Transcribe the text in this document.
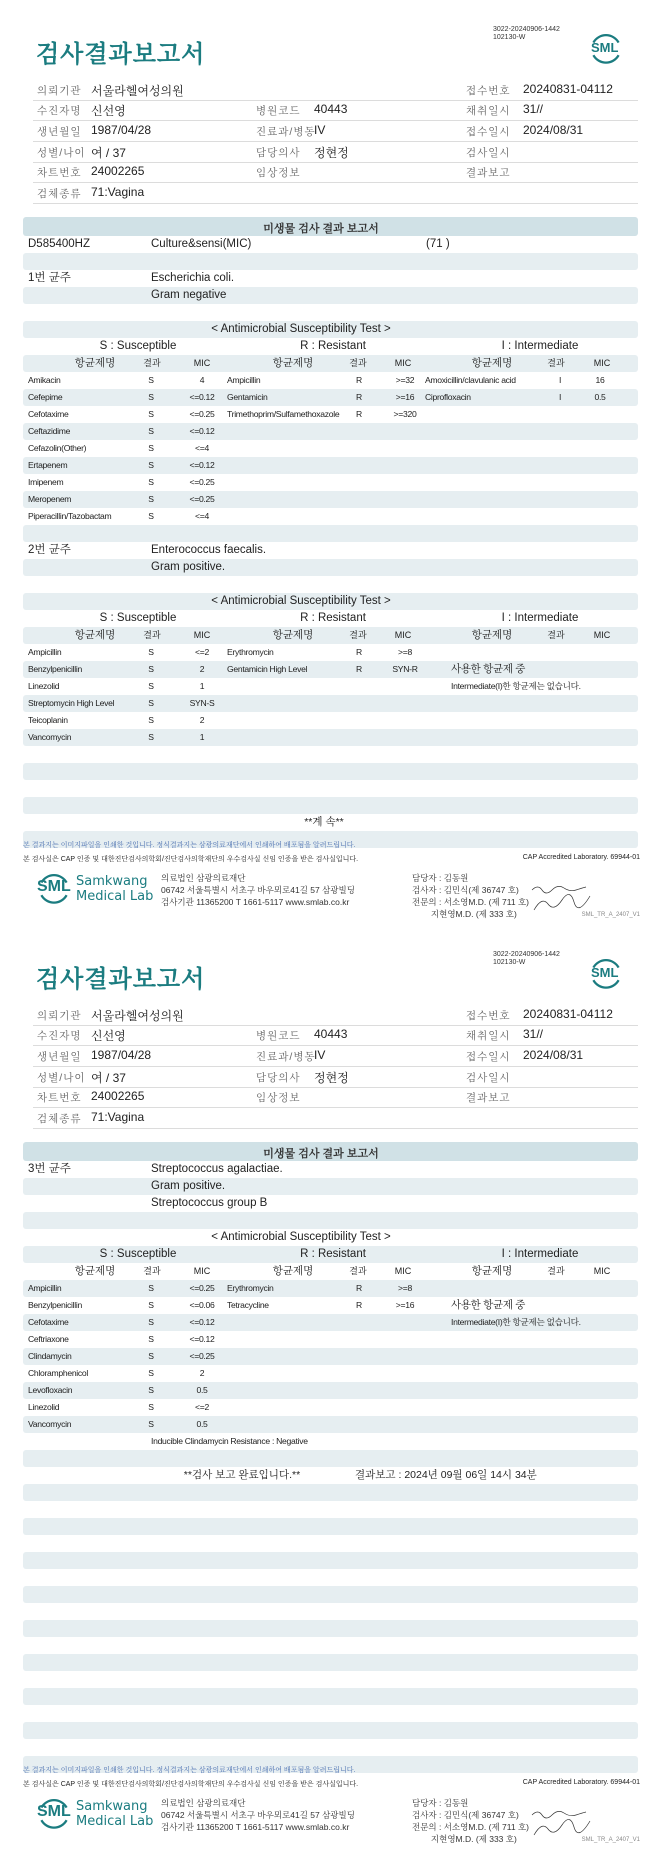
3022-20240906-1442
102130-W
SML
검사결과보고서
의뢰기관 서울라헬여성의원	접수번호 20240831-04112
수진자명 신선영	병원코드 40443	채취일시 31//
생년월일 1987/04/28	진료과/병동
IV	접수일시 2024/08/31
성별/나이 여 / 37	담당의사 정현정	검사일시
차트번호 24002265	임상정보	결과보고
검체종류 71:Vagina
미생물 검사 결과 보고서
D585400HZ	Culture&sensi(MIC)	(71 )
1번 균주	Escherichia coli.
Gram negative
< Antimicrobial Susceptibility Test >
S : Susceptible	R : Resistant	I : Intermediate
항균제명	결과	MIC	항균제명	결과	MIC	항균제명	결과	MIC
Amikacin	S	4	Ampicillin	R	>=32 Amoxicillin/clavulanic acid	I	16
Cefepime	S	<=0.12 Gentamicin	R	>=16 Ciprofloxacin	I	0.5
Cefotaxime	S	<=0.25 Trimethoprim/Sulfamethoxazole R	>=320
Ceftazidime	S	<=0.12
Cefazolin(Other)	S	<=4
Ertapenem	S	<=0.12
Imipenem	S	<=0.25
Meropenem	S	<=0.25
Piperacillin/Tazobactam	S	<=4
2번 균주	Enterococcus faecalis.
Gram positive.
< Antimicrobial Susceptibility Test >
S : Susceptible	R : Resistant	I : Intermediate
항균제명	결과	MIC	항균제명	결과	MIC	항균제명	결과	MIC
Ampicillin	S	<=2 Erythromycin	R	>=8
Benzylpenicillin	S	2	Gentamicin High Level	R	SYN-R	사용한 항균제 중
Linezolid	S	1	Intermediate(I)한 항균제는 없습니다.
Streptomycin High Level	S	SYN-S
Teicoplanin	S	2
Vancomycin	S	1
**계 속**
본 결과지는 이미지파일을 인쇄한 것입니다. 정식결과지는 삼광의료재단에서 인쇄하여 배포됨을 알려드립니다.
본 검사실은 CAP 인증 및 대한진단검사의학회/진단검사의학재단의 우수검사실 신임 인증을 받은 검사실입니다.	CAP Accredited Laboratory. 69944-01
SML Samkwang
Medical Lab
의료법인 삼광의료재단
06742 서울특별시 서초구 바우뫼로41길 57 삼광빌딩
검사기관 11365200 T 1661-5117 www.smlab.co.kr
담당자 : 김동원
검사자 : 김민식(제 36747 호)
전문의 : 서소영M.D. (제 711 호)
지현영M.D. (제 333 호)	SML_TR_A_2407_V1
3022-20240906-1442
102130-W
SML
검사결과보고서
의뢰기관 서울라헬여성의원	접수번호 20240831-04112
수진자명 신선영	병원코드 40443	채취일시 31//
생년월일 1987/04/28	진료과/병동
IV	접수일시 2024/08/31
성별/나이 여 / 37	담당의사 정현정	검사일시
차트번호 24002265	임상정보	결과보고
검체종류 71:Vagina
미생물 검사 결과 보고서
3번 균주	Streptococcus agalactiae.
Gram positive.
Streptococcus group B
< Antimicrobial Susceptibility Test >
S : Susceptible	R : Resistant	I : Intermediate
항균제명	결과	MIC	항균제명	결과	MIC	항균제명	결과	MIC
Ampicillin	S	<=0.25 Erythromycin	R	>=8
Benzylpenicillin	S	<=0.06 Tetracycline	R	>=16	사용한 항균제 중
Cefotaxime	S	<=0.12	Intermediate(I)한 항균제는 없습니다.
Ceftriaxone	S	<=0.12
Clindamycin	S	<=0.25
Chloramphenicol	S	2
Levofloxacin	S	0.5
Linezolid	S	<=2
Vancomycin	S	0.5
Inducible Clindamycin Resistance : Negative
**검사 보고 완료입니다.**	결과보고 : 2024년 09월 06일 14시 34분
본 결과지는 이미지파일을 인쇄한 것입니다. 정식결과지는 삼광의료재단에서 인쇄하여 배포됨을 알려드립니다.
본 검사실은 CAP 인증 및 대한진단검사의학회/진단검사의학재단의 우수검사실 신임 인증을 받은 검사실입니다.	CAP Accredited Laboratory. 69944-01
SML Samkwang
Medical Lab
의료법인 삼광의료재단
06742 서울특별시 서초구 바우뫼로41길 57 삼광빌딩
검사기관 11365200 T 1661-5117 www.smlab.co.kr
담당자 : 김동원
검사자 : 김민식(제 36747 호)
전문의 : 서소영M.D. (제 711 호)
지현영M.D. (제 333 호)	SML_TR_A_2407_V1
